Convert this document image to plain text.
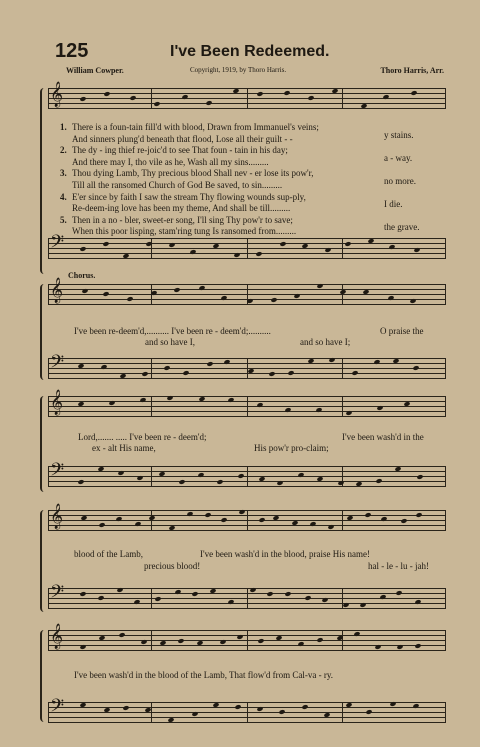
125	I've Been Redeemed.
William Cowper.	Copyright, 1919, by Thoro Harris.	Thoro Harris, Arr.
𝄞
1. There is a foun-tain fill'd with blood, Drawn from Immanuel's veins;
And sinners plung'd beneath that flood, Lose all their guilt - -
2. The dy - ing thief re-joic'd to see That foun - tain in his day;
And there may I, tho vile as he, Wash all my sins.........
3. Thou dying Lamb, Thy precious blood Shall nev - er lose its pow'r,
Till all the ransomed Church of God Be saved, to sin.........
4. E'er since by faith I saw the stream Thy flowing wounds sup-ply,
Re-deem-ing love has been my theme, And shall be till.........
5. Then in a no - bler, sweet-er song, I'll sing Thy pow'r to save;
When this poor lisping, stam'ring tung Is ransomed from.........
y stains.
a - way.
no more.
I die.
the grave.
𝄢
Chorus.
𝄞
I've been re-deem'd,.......... I've been re - deem'd;..........	O praise the
and so have I,	and so have I;
𝄢
𝄞
Lord,....... ..... I've been re - deem'd;	I've been wash'd in the
ex - alt His name,	His pow'r pro-claim;
𝄢
𝄞
blood of the Lamb,	I've been wash'd in the blood, praise His name!
precious blood!	hal - le - lu - jah!
𝄢
𝄞
I've been wash'd in the blood of the Lamb, That flow'd from Cal-va - ry.
𝄢
